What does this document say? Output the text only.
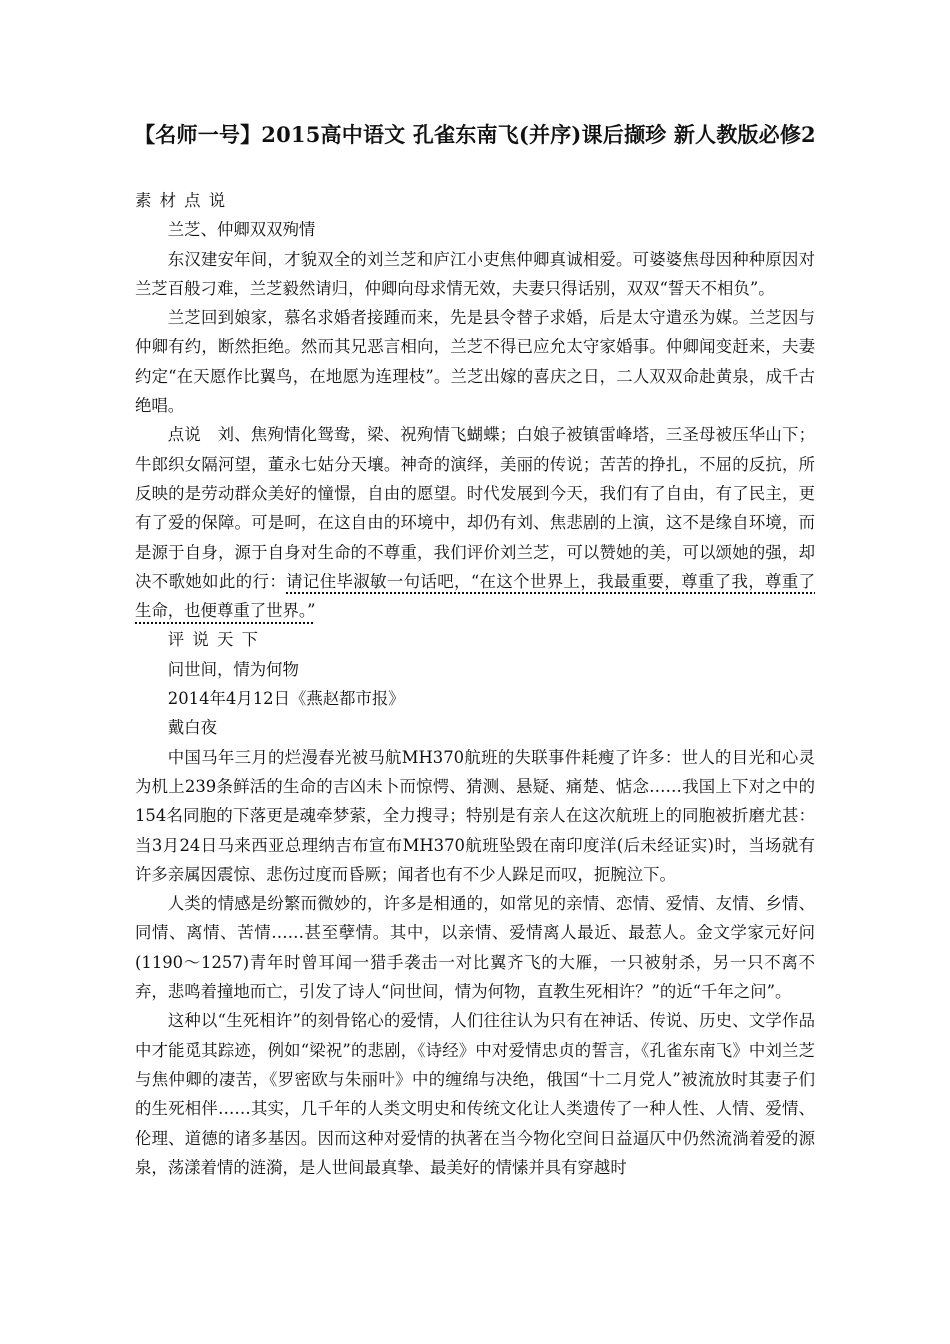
【名师一号】2015高中语文 孔雀东南飞(并序)课后撷珍 新人教版必修2

素材点说

兰芝、仲卿双双殉情

东汉建安年间，才貌双全的刘兰芝和庐江小吏焦仲卿真诚相爱。可婆婆焦母因种种原因对兰芝百般刁难，兰芝毅然请归，仲卿向母求情无效，夫妻只得话别，双双“誓天不相负”。

兰芝回到娘家，慕名求婚者接踵而来，先是县令替子求婚，后是太守遣丞为媒。兰芝因与仲卿有约，断然拒绝。然而其兄恶言相向，兰芝不得已应允太守家婚事。仲卿闻变赶来，夫妻约定“在天愿作比翼鸟，在地愿为连理枝”。兰芝出嫁的喜庆之日，二人双双命赴黄泉，成千古绝唱。

点说　刘、焦殉情化鸳鸯，梁、祝殉情飞蝴蝶；白娘子被镇雷峰塔，三圣母被压华山下；牛郎织女隔河望，董永七姑分天壤。神奇的演绎，美丽的传说；苦苦的挣扎，不屈的反抗，所反映的是劳动群众美好的憧憬，自由的愿望。时代发展到今天，我们有了自由，有了民主，更有了爱的保障。可是呵，在这自由的环境中，却仍有刘、焦悲剧的上演，这不是缘自环境，而是源于自身，源于自身对生命的不尊重，我们评价刘兰芝，可以赞她的美，可以颂她的强，却决不歌她如此的行：请记住毕淑敏一句话吧，“在这个世界上，我最重要，尊重了我，尊重了生命，也便尊重了世界。”

评说天下

问世间，情为何物

2014年4月12日《燕赵都市报》

戴白夜

中国马年三月的烂漫春光被马航MH370航班的失联事件耗瘦了许多：世人的目光和心灵为机上239条鲜活的生命的吉凶未卜而惊愕、猜测、悬疑、痛楚、惦念……我国上下对之中的154名同胞的下落更是魂牵梦萦，全力搜寻；特别是有亲人在这次航班上的同胞被折磨尤甚：当3月24日马来西亚总理纳吉布宣布MH370航班坠毁在南印度洋(后未经证实)时，当场就有许多亲属因震惊、悲伤过度而昏厥；闻者也有不少人跺足而叹，扼腕泣下。

人类的情感是纷繁而微妙的，许多是相通的，如常见的亲情、恋情、爱情、友情、乡情、同情、离情、苦情……甚至孽情。其中，以亲情、爱情离人最近、最惹人。金文学家元好问(1190～1257)青年时曾耳闻一猎手袭击一对比翼齐飞的大雁，一只被射杀，另一只不离不弃，悲鸣着撞地而亡，引发了诗人“问世间，情为何物，直教生死相许？”的近“千年之问”。

这种以“生死相许”的刻骨铭心的爱情，人们往往认为只有在神话、传说、历史、文学作品中才能觅其踪迹，例如“梁祝”的悲剧，《诗经》中对爱情忠贞的誓言，《孔雀东南飞》中刘兰芝与焦仲卿的凄苦，《罗密欧与朱丽叶》中的缠绵与决绝，俄国“十二月党人”被流放时其妻子们的生死相伴……其实，几千年的人类文明史和传统文化让人类遗传了一种人性、人情、爱情、伦理、道德的诸多基因。因而这种对爱情的执著在当今物化空间日益逼仄中仍然流淌着爱的源泉，荡漾着情的涟漪，是人世间最真挚、最美好的情愫并具有穿越时
